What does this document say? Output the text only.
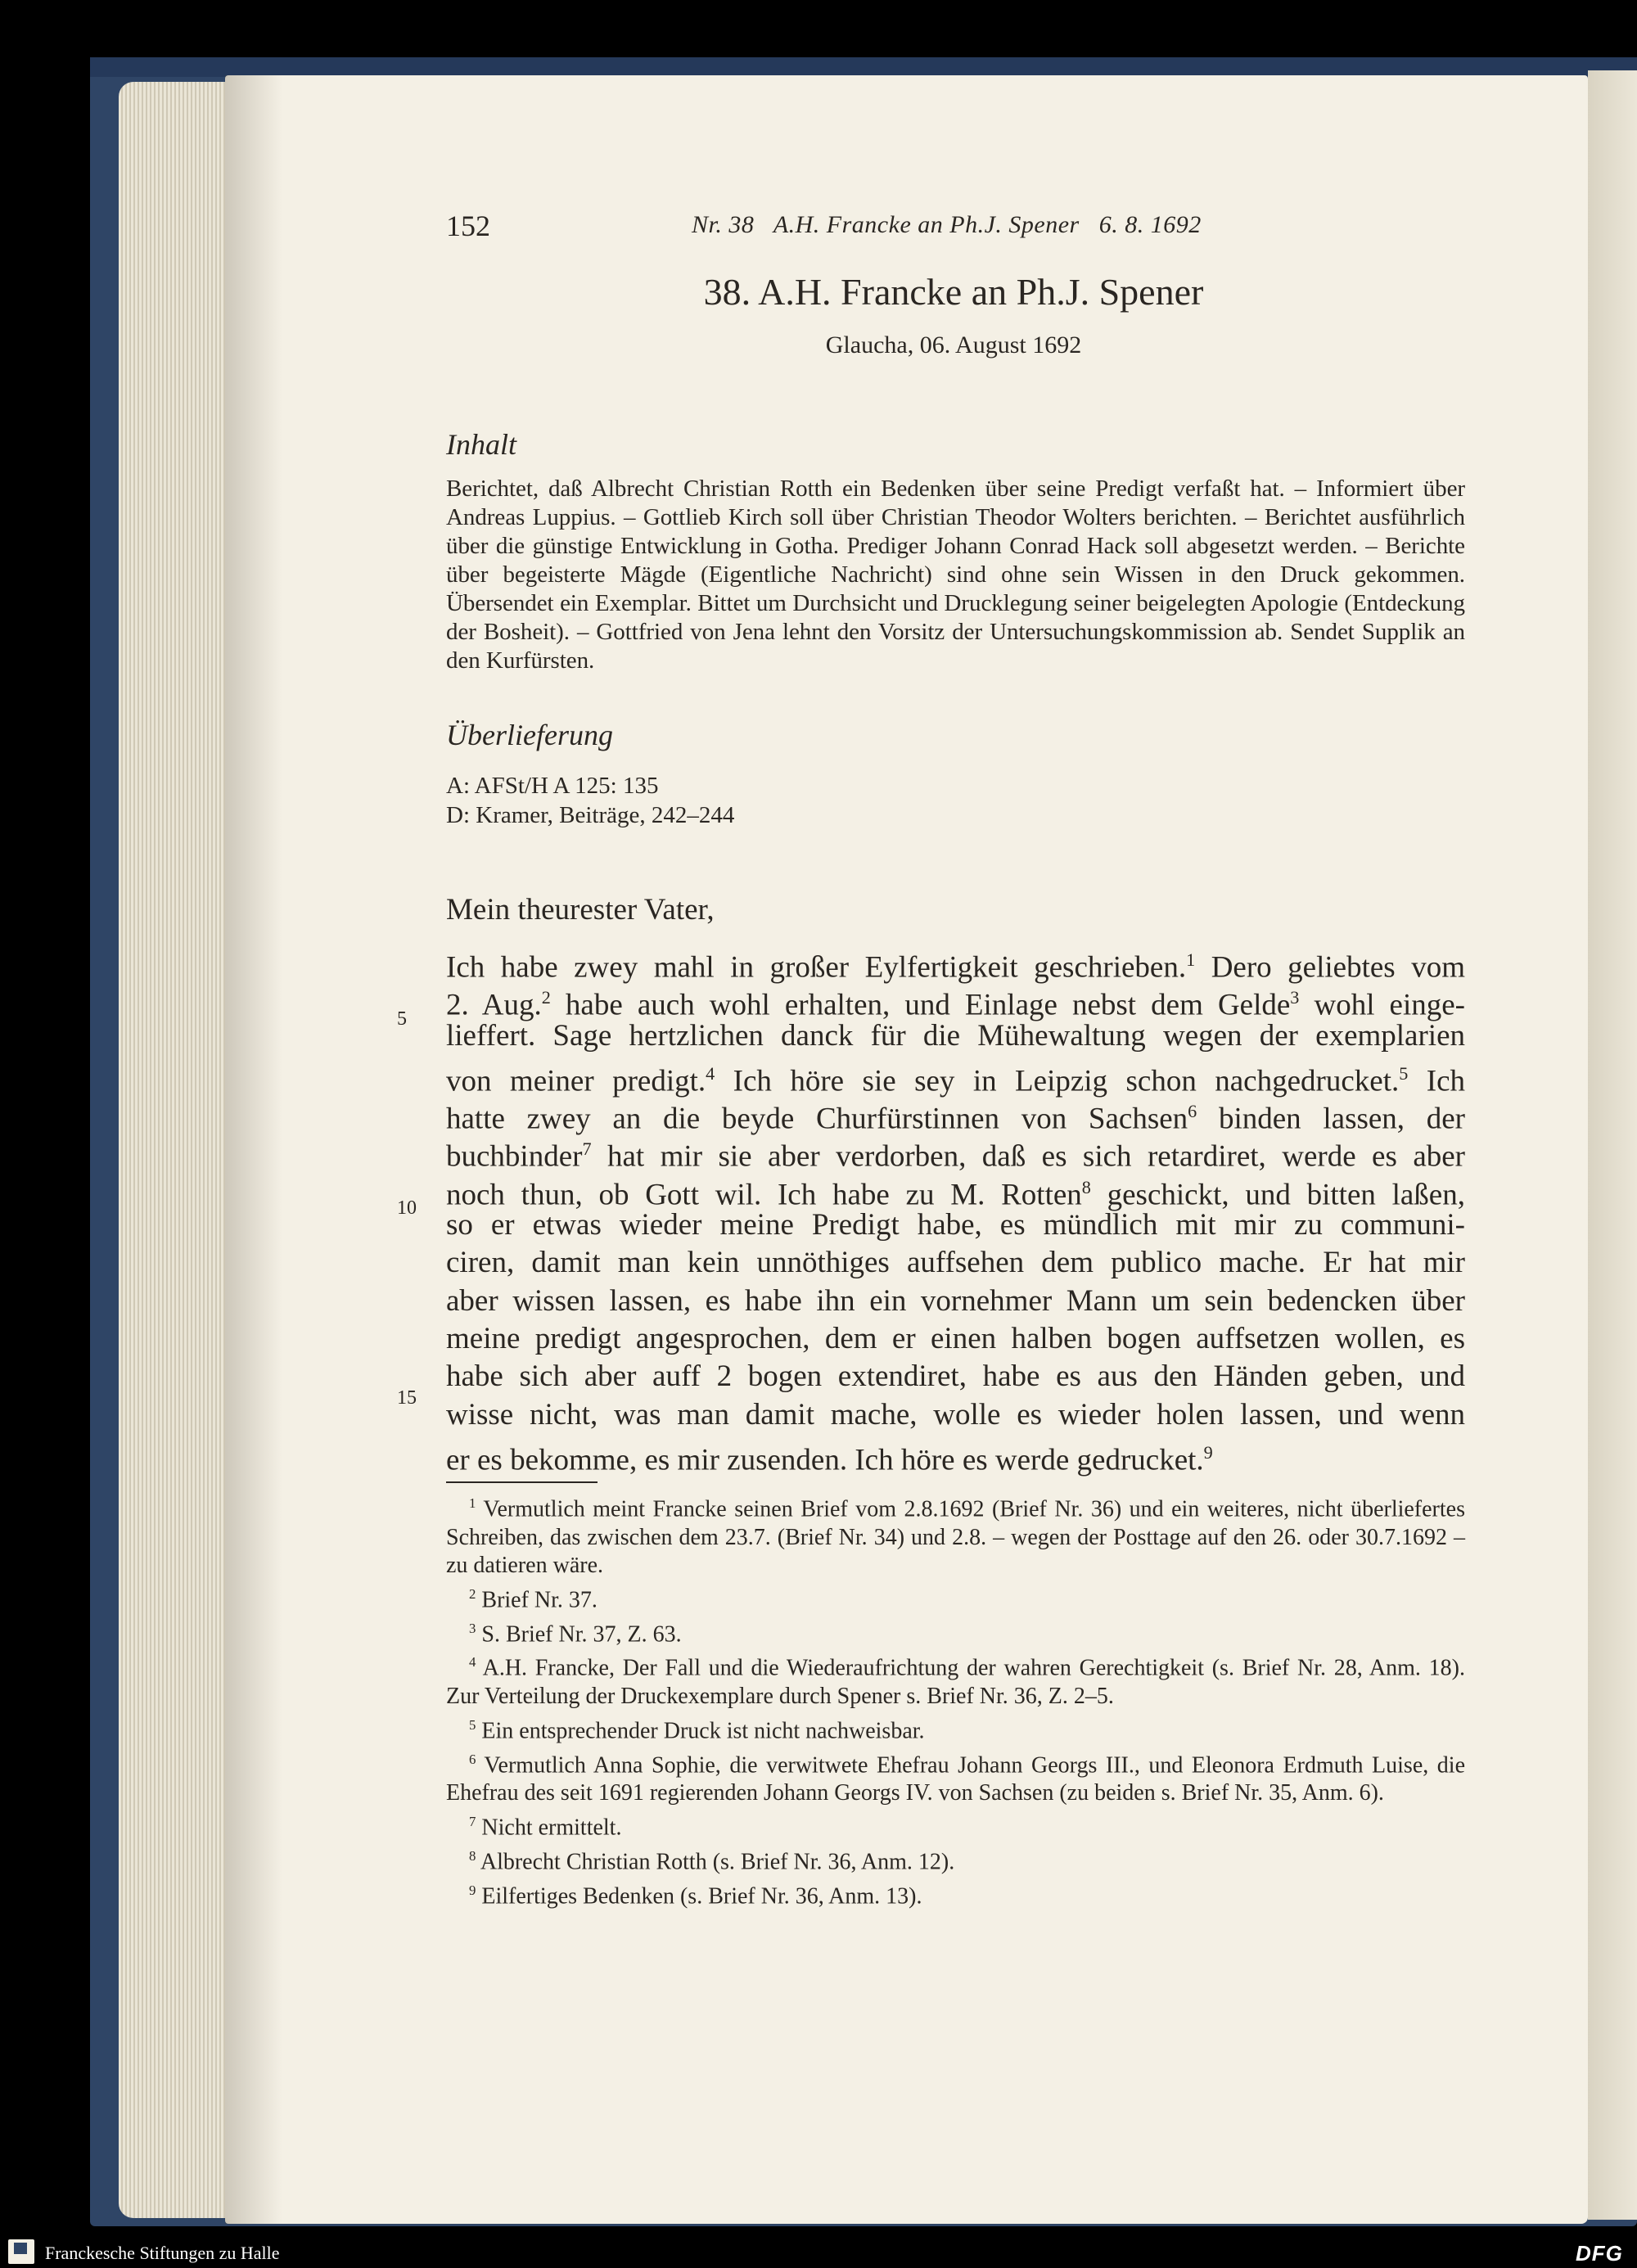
152	Nr. 38   A.H. Francke an Ph.J. Spener   6. 8. 1692
38. A.H. Francke an Ph.J. Spener
Glaucha, 06. August 1692
Inhalt
Berichtet, daß Albrecht Christian Rotth ein Bedenken über seine Predigt verfaßt hat. – Informiert über Andreas Luppius. – Gottlieb Kirch soll über Christian Theodor Wolters berichten. – Berichtet ausführlich über die günstige Entwicklung in Gotha. Prediger Johann Conrad Hack soll abgesetzt werden. – Berichte über begeisterte Mägde (Eigentliche Nachricht) sind ohne sein Wissen in den Druck gekommen. Übersendet ein Exemplar. Bittet um Durchsicht und Drucklegung seiner beigelegten Apologie (Entdeckung der Bosheit). – Gottfried von Jena lehnt den Vorsitz der Untersuchungskommission ab. Sendet Supplik an den Kurfürsten.
Überlieferung
A: AFSt/H A 125: 135
D: Kramer, Beiträge, 242–244
Mein theurester Vater,
Ich habe zwey mahl in großer Eylfertigkeit geschrieben.$^1$ Dero geliebtes vom
2. Aug.$^2$ habe auch wohl erhalten, und Einlage nebst dem Gelde$^3$ wohl einge-
lieffert. Sage hertzlichen danck für die Mühewaltung wegen der exemplarien
von meiner predigt.$^4$ Ich höre sie sey in Leipzig schon nachgedrucket.$^5$ Ich
hatte zwey an die beyde Churfürstinnen von Sachsen$^6$ binden lassen, der
buchbinder$^7$ hat mir sie aber verdorben, daß es sich retardiret, werde es aber
noch thun, ob Gott wil. Ich habe zu M. Rotten$^8$ geschickt, und bitten laßen,
so er etwas wieder meine Predigt habe, es mündlich mit mir zu communi-
ciren, damit man kein unnöthiges auffsehen dem publico mache. Er hat mir
aber wissen lassen, es habe ihn ein vornehmer Mann um sein bedencken über
meine predigt angesprochen, dem er einen halben bogen auffsetzen wollen, es
habe sich aber auff 2 bogen extendiret, habe es aus den Händen geben, und
wisse nicht, was man damit mache, wolle es wieder holen lassen, und wenn
er es bekomme, es mir zusenden. Ich höre es werde gedrucket.$^9$
5
10
15
$^1$ Vermutlich meint Francke seinen Brief vom 2.8.1692 (Brief Nr. 36) und ein weiteres, nicht überliefertes Schreiben, das zwischen dem 23.7. (Brief Nr. 34) und 2.8. – wegen der Posttage auf den 26. oder 30.7.1692 – zu datieren wäre.
$^2$ Brief Nr. 37.
$^3$ S. Brief Nr. 37, Z. 63.
$^4$ A.H. Francke, Der Fall und die Wiederaufrichtung der wahren Gerechtigkeit (s. Brief Nr. 28, Anm. 18). Zur Verteilung der Druckexemplare durch Spener s. Brief Nr. 36, Z. 2–5.
$^5$ Ein entsprechender Druck ist nicht nachweisbar.
$^6$ Vermutlich Anna Sophie, die verwitwete Ehefrau Johann Georgs III., und Eleonora Erdmuth Luise, die Ehefrau des seit 1691 regierenden Johann Georgs IV. von Sachsen (zu beiden s. Brief Nr. 35, Anm. 6).
$^7$ Nicht ermittelt.
$^8$ Albrecht Christian Rotth (s. Brief Nr. 36, Anm. 12).
$^9$ Eilfertiges Bedenken (s. Brief Nr. 36, Anm. 13).
Franckesche Stiftungen zu Halle	DFG
